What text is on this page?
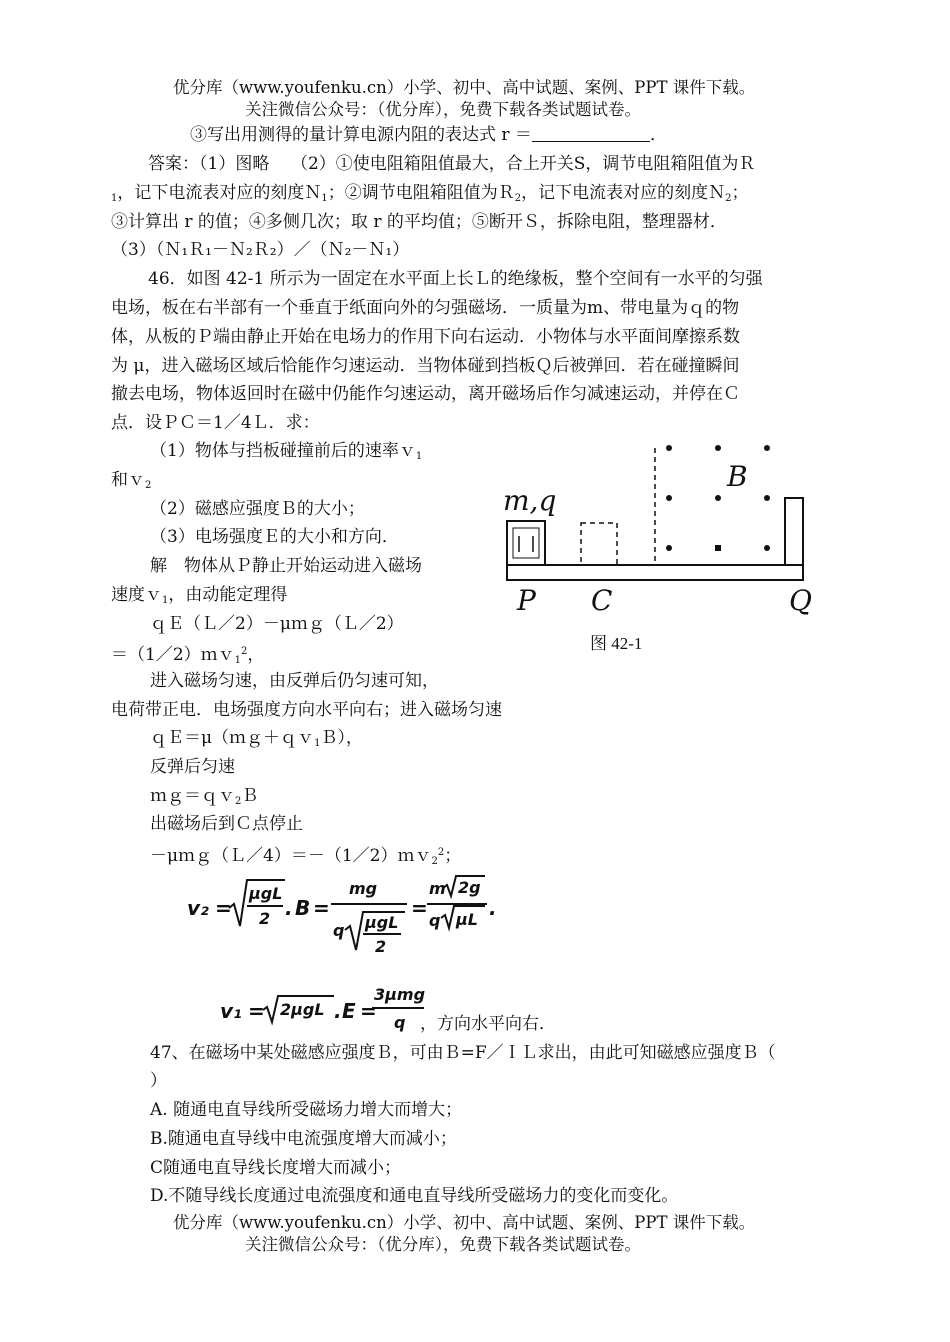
优分库（www.youfenku.cn）小学、初中、高中试题、案例、PPT 课件下载。
关注微信公众号：（优分库），免费下载各类试题试卷。
③写出用测得的量计算电源内阻的表达式 r ＝	．
答案：（1）图略 （2）①使电阻箱阻值最大，合上开关S，调节电阻箱阻值为Ｒ
$_1$，记下电流表对应的刻度Ｎ$_1$；②调节电阻箱阻值为Ｒ$_2$，记下电流表对应的刻度Ｎ$_2$；
③计算出 r 的值；④多侧几次；取 r 的平均值；⑤断开Ｓ，拆除电阻，整理器材．
（3）（Ｎ₁Ｒ₁－Ｎ₂Ｒ₂）／（Ｎ₂－Ｎ₁）
46．如图 42-1 所示为一固定在水平面上长Ｌ的绝缘板，整个空间有一水平的匀强
电场，板在右半部有一个垂直于纸面向外的匀强磁场．一质量为m、带电量为ｑ的物
体，从板的Ｐ端由静止开始在电场力的作用下向右运动．小物体与水平面间摩擦系数
为 μ，进入磁场区域后恰能作匀速运动．当物体碰到挡板Ｑ后被弹回．若在碰撞瞬间
撤去电场，物体返回时在磁中仍能作匀速运动，离开磁场后作匀减速运动，并停在Ｃ
点．设ＰＣ＝1／4Ｌ．求：
（1）物体与挡板碰撞前后的速率ｖ$_1$
和ｖ$_2$
（2）磁感应强度Ｂ的大小；
（3）电场强度Ｅ的大小和方向．
解　物体从Ｐ静止开始运动进入磁场
速度ｖ$_1$，由动能定理得
ｑＥ（Ｌ／2）－μｍｇ（Ｌ／2）
＝（1／2）ｍｖ$_1^2$，
进入磁场匀速，由反弹后仍匀速可知，
电荷带正电．电场强度方向水平向右；进入磁场匀速
ｑＥ＝μ（ｍｇ＋ｑｖ$_1$Ｂ），
反弹后匀速
ｍｇ＝ｑｖ$_2$Ｂ
出磁场后到Ｃ点停止
－μｍｇ（Ｌ／4）＝－（1／2）ｍｖ$_2^2$；
v₂ =
μgL
2 . B =
mg
q μgL
2
=
m 2g
q μL .
v₁ = 2μgL . E =
3μmg
q ，方向水平向右．
m,q
B
P C	Q
图 42-1
47、在磁场中某处磁感应强度Ｂ，可由Ｂ=F／ＩＬ求出，由此可知磁感应强度Ｂ（
）
A. 随通电直导线所受磁场力增大而增大；
B.随通电直导线中电流强度增大而减小；
C随通电直导线长度增大而减小；
D.不随导线长度通过电流强度和通电直导线所受磁场力的变化而变化。
优分库（www.youfenku.cn）小学、初中、高中试题、案例、PPT 课件下载。
关注微信公众号：（优分库），免费下载各类试题试卷。
